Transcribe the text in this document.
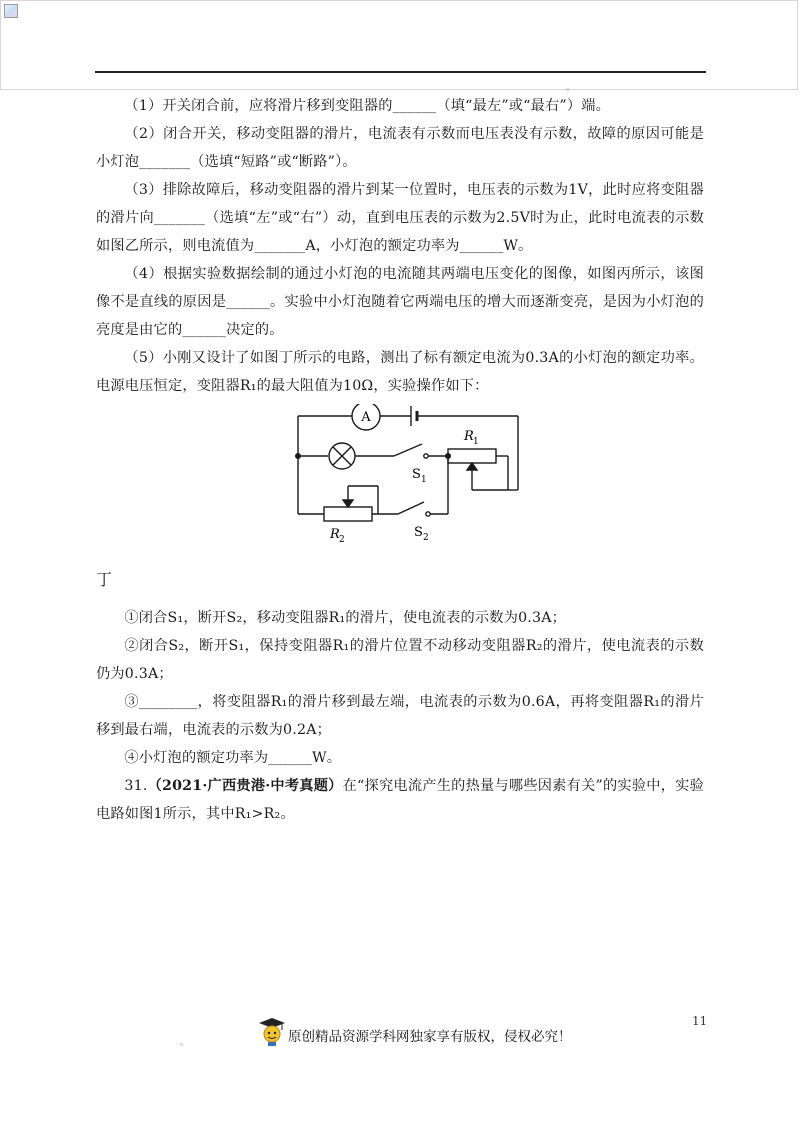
。

（1）开关闭合前，应将滑片移到变阻器的______（填“最左”或“最右”）端。

（2）闭合开关，移动变阻器的滑片，电流表有示数而电压表没有示数，故障的原因可能是小灯泡_______（选填“短路”或“断路”）。

（3）排除故障后，移动变阻器的滑片到某一位置时，电压表的示数为1V，此时应将变阻器的滑片向_______（选填“左”或“右”）动，直到电压表的示数为2.5V时为止，此时电流表的示数如图乙所示，则电流值为_______A，小灯泡的额定功率为______W。

（4）根据实验数据绘制的通过小灯泡的电流随其两端电压变化的图像，如图丙所示，该图像不是直线的原因是______。实验中小灯泡随着它两端电压的增大而逐渐变亮，是因为小灯泡的亮度是由它的______决定的。

（5）小刚又设计了如图丁所示的电路，测出了标有额定电流为0.3A的小灯泡的额定功率。电源电压恒定，变阻器R₁的最大阻值为10Ω，实验操作如下：

A
R 1
S 1
R 2	S 2

丁

①闭合S₁，断开S₂，移动变阻器R₁的滑片，使电流表的示数为0.3A；

②闭合S₂，断开S₁，保持变阻器R₁的滑片位置不动移动变阻器R₂的滑片，使电流表的示数仍为0.3A；

③________，将变阻器R₁的滑片移到最左端，电流表的示数为0.6A，再将变阻器R₁的滑片移到最右端，电流表的示数为0.2A；

④小灯泡的额定功率为______W。

31.（2021·广西贵港·中考真题）在“探究电流产生的热量与哪些因素有关”的实验中，实验电路如图1所示，其中R₁>R₂。

11
。	原创精品资源学科网独家享有版权，侵权必究！
